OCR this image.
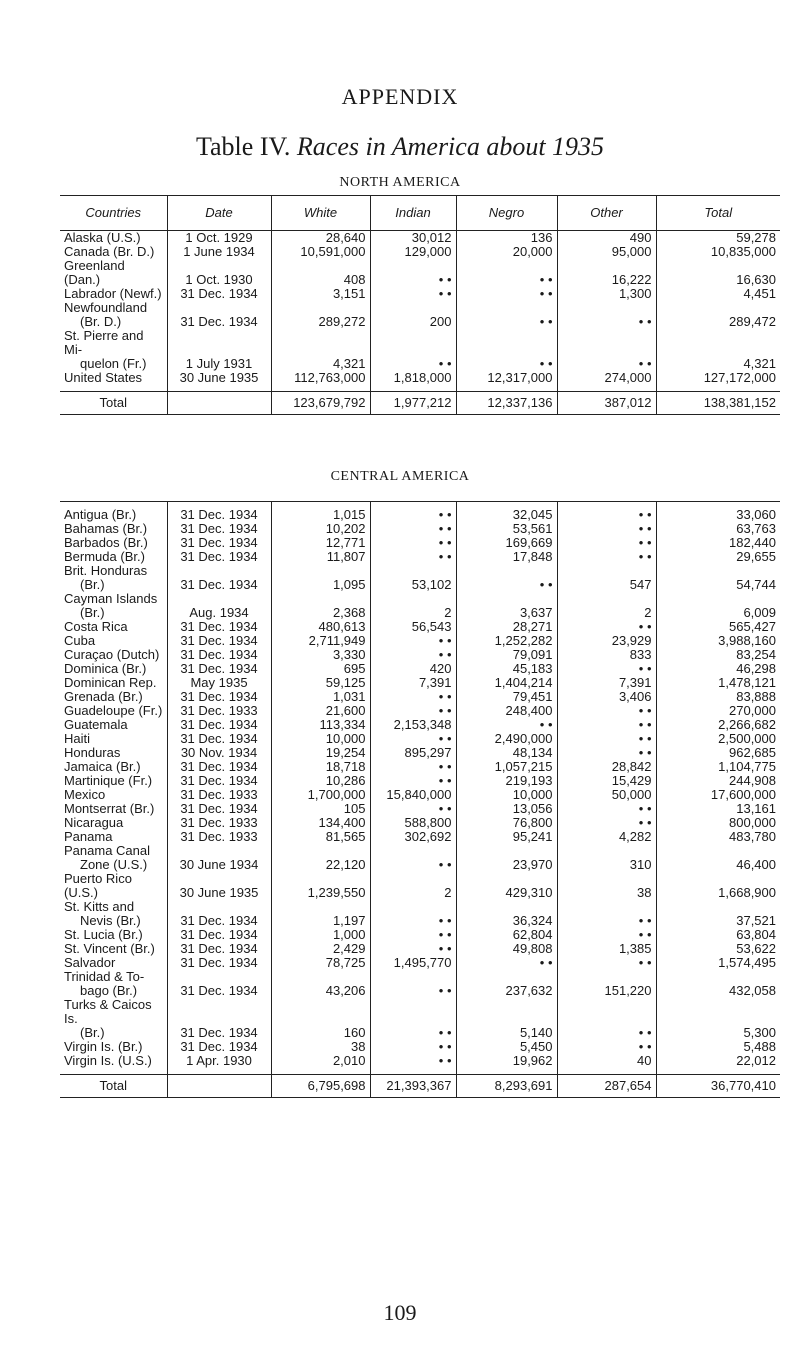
APPENDIX
Table IV. Races in America about 1935
NORTH AMERICA
Countries	Date	White	Indian	Negro	Other	Total
Alaska (U.S.)	1 Oct. 1929	28,640	30,012	136	490	59,278
Canada (Br. D.)	1 June 1934	10,591,000	129,000	20,000	95,000	10,835,000
Greenland (Dan.)	1 Oct. 1930	408	• •	• •	16,222	16,630
Labrador (Newf.)	31 Dec. 1934	3,151	• •	• •	1,300	4,451
Newfoundland
(Br. D.)	31 Dec. 1934	289,272	200	• •	• •	289,472
St. Pierre and Mi-
quelon (Fr.)	1 July 1931	4,321	• •	• •	• •	4,321
United States	30 June 1935	112,763,000	1,818,000	12,317,000	274,000	127,172,000

Total		123,679,792	1,977,212	12,337,136	387,012	138,381,152
CENTRAL AMERICA

Antigua (Br.)	31 Dec. 1934	1,015	• •	32,045	• •	33,060
Bahamas (Br.)	31 Dec. 1934	10,202	• •	53,561	• •	63,763
Barbados (Br.)	31 Dec. 1934	12,771	• •	169,669	• •	182,440
Bermuda (Br.)	31 Dec. 1934	11,807	• •	17,848	• •	29,655
Brit. Honduras
(Br.)	31 Dec. 1934	1,095	53,102	• •	547	54,744
Cayman Islands
(Br.)	Aug. 1934	2,368	2	3,637	2	6,009
Costa Rica	31 Dec. 1934	480,613	56,543	28,271	• •	565,427
Cuba	31 Dec. 1934	2,711,949	• •	1,252,282	23,929	3,988,160
Curaçao (Dutch)	31 Dec. 1934	3,330	• •	79,091	833	83,254
Dominica (Br.)	31 Dec. 1934	695	420	45,183	• •	46,298
Dominican Rep.	May 1935	59,125	7,391	1,404,214	7,391	1,478,121
Grenada (Br.)	31 Dec. 1934	1,031	• •	79,451	3,406	83,888
Guadeloupe (Fr.)	31 Dec. 1933	21,600	• •	248,400	• •	270,000
Guatemala	31 Dec. 1934	113,334	2,153,348	• •	• •	2,266,682
Haiti	31 Dec. 1934	10,000	• •	2,490,000	• •	2,500,000
Honduras	30 Nov. 1934	19,254	895,297	48,134	• •	962,685
Jamaica (Br.)	31 Dec. 1934	18,718	• •	1,057,215	28,842	1,104,775
Martinique (Fr.)	31 Dec. 1934	10,286	• •	219,193	15,429	244,908
Mexico	31 Dec. 1933	1,700,000	15,840,000	10,000	50,000	17,600,000
Montserrat (Br.)	31 Dec. 1934	105	• •	13,056	• •	13,161
Nicaragua	31 Dec. 1933	134,400	588,800	76,800	• •	800,000
Panama	31 Dec. 1933	81,565	302,692	95,241	4,282	483,780
Panama Canal
Zone (U.S.)	30 June 1934	22,120	• •	23,970	310	46,400
Puerto Rico (U.S.)	30 June 1935	1,239,550	2	429,310	38	1,668,900
St. Kitts and
Nevis (Br.)	31 Dec. 1934	1,197	• •	36,324	• •	37,521
St. Lucia (Br.)	31 Dec. 1934	1,000	• •	62,804	• •	63,804
St. Vincent (Br.)	31 Dec. 1934	2,429	• •	49,808	1,385	53,622
Salvador	31 Dec. 1934	78,725	1,495,770	• •	• •	1,574,495
Trinidad & To-
bago (Br.)	31 Dec. 1934	43,206	• •	237,632	151,220	432,058
Turks & Caicos Is.
(Br.)	31 Dec. 1934	160	• •	5,140	• •	5,300
Virgin Is. (Br.)	31 Dec. 1934	38	• •	5,450	• •	5,488
Virgin Is. (U.S.)	1 Apr. 1930	2,010	• •	19,962	40	22,012

Total		6,795,698	21,393,367	8,293,691	287,654	36,770,410
109
